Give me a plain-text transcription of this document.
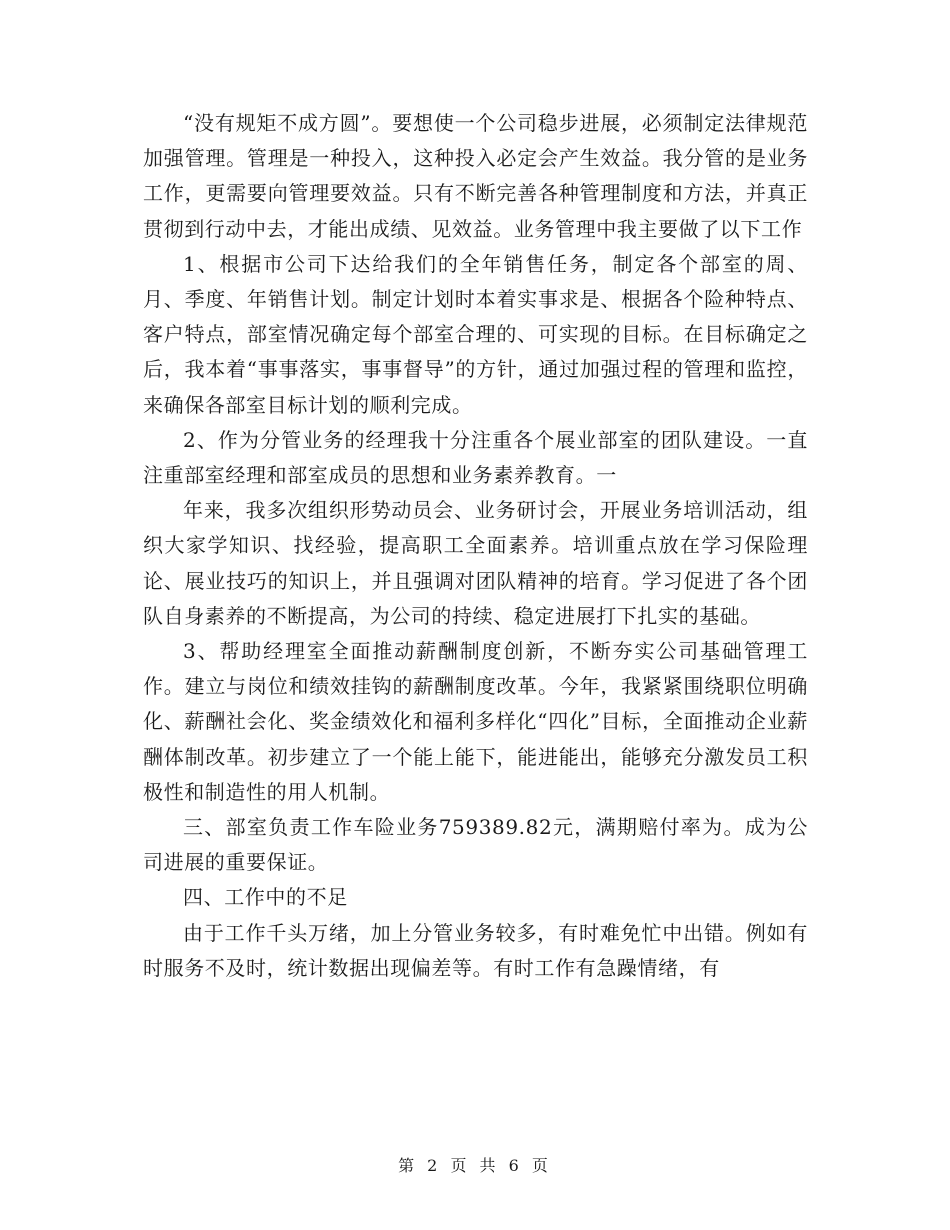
“没有规矩不成方圆”。要想使一个公司稳步进展，必须制定法律规范加强管理。管理是一种投入，这种投入必定会产生效益。我分管的是业务工作，更需要向管理要效益。只有不断完善各种管理制度和方法，并真正贯彻到行动中去，才能出成绩、见效益。业务管理中我主要做了以下工作

1、根据市公司下达给我们的全年销售任务，制定各个部室的周、月、季度、年销售计划。制定计划时本着实事求是、根据各个险种特点、客户特点，部室情况确定每个部室合理的、可实现的目标。在目标确定之后，我本着“事事落实，事事督导”的方针，通过加强过程的管理和监控，来确保各部室目标计划的顺利完成。

2、作为分管业务的经理我十分注重各个展业部室的团队建设。一直注重部室经理和部室成员的思想和业务素养教育。一

年来，我多次组织形势动员会、业务研讨会，开展业务培训活动，组织大家学知识、找经验，提高职工全面素养。培训重点放在学习保险理论、展业技巧的知识上，并且强调对团队精神的培育。学习促进了各个团队自身素养的不断提高，为公司的持续、稳定进展打下扎实的基础。

3、帮助经理室全面推动薪酬制度创新，不断夯实公司基础管理工作。建立与岗位和绩效挂钩的薪酬制度改革。今年，我紧紧围绕职位明确化、薪酬社会化、奖金绩效化和福利多样化“四化”目标，全面推动企业薪酬体制改革。初步建立了一个能上能下，能进能出，能够充分激发员工积极性和制造性的用人机制。

三、部室负责工作车险业务759389.82元，满期赔付率为。成为公司进展的重要保证。

四、工作中的不足

由于工作千头万绪，加上分管业务较多，有时难免忙中出错。例如有时服务不及时，统计数据出现偏差等。有时工作有急躁情绪，有

第 2 页 共 6 页
